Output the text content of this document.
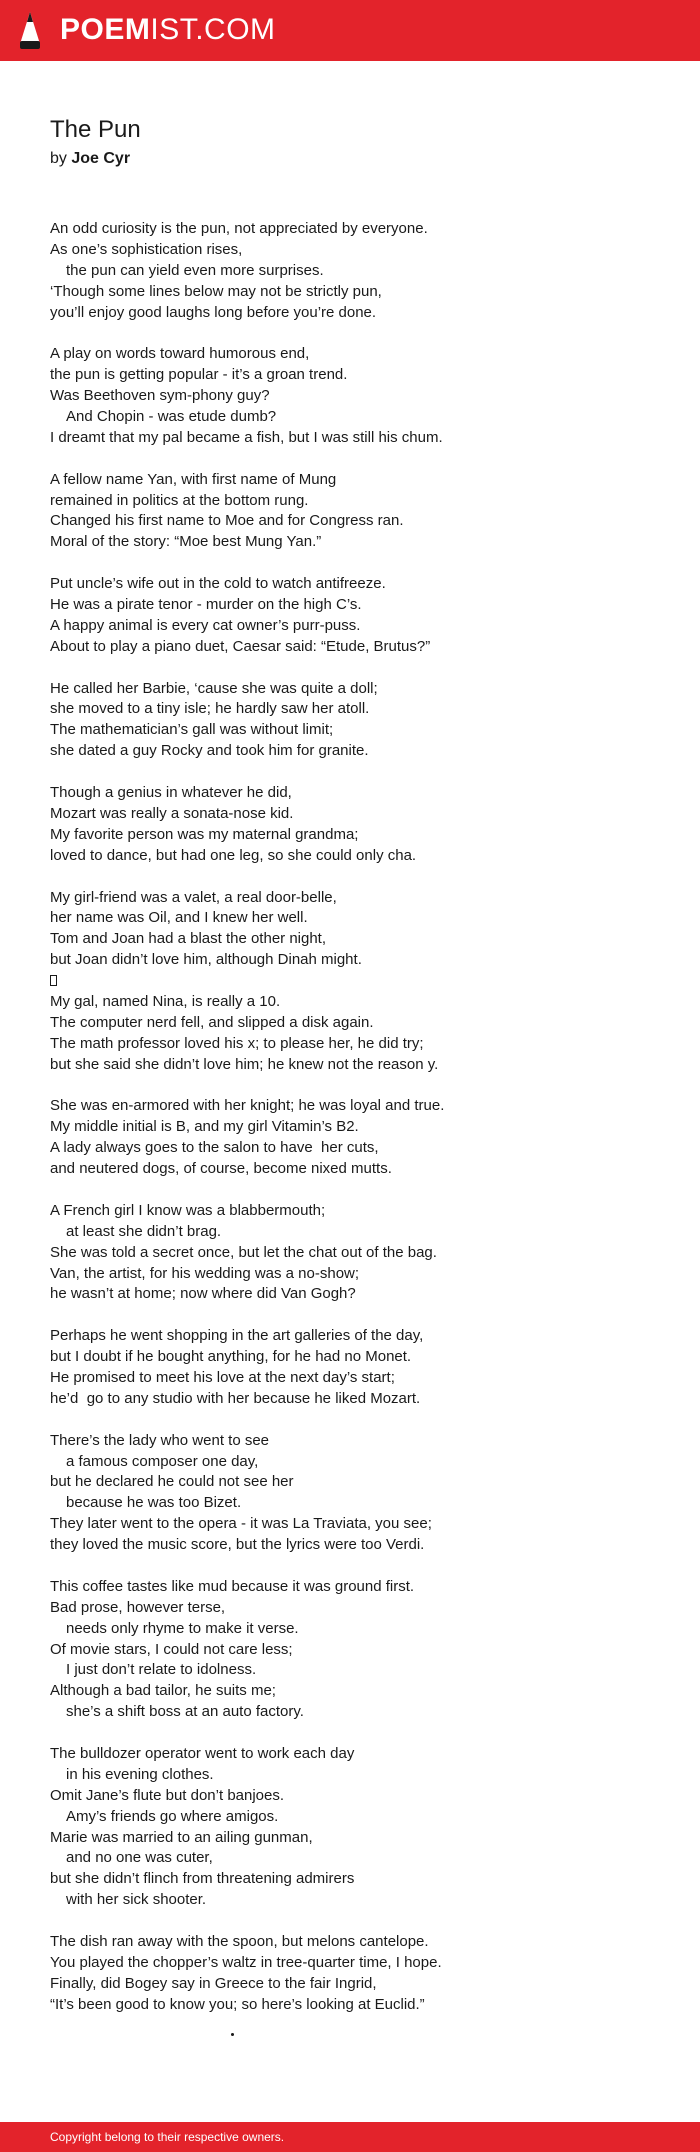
POEMIST.COM
The Pun
by Joe Cyr
An odd curiosity is the pun, not appreciated by everyone.
As one’s sophistication rises,
the pun can yield even more surprises.
‘Though some lines below may not be strictly pun,
you’ll enjoy good laughs long before you’re done.
A play on words toward humorous end,
the pun is getting popular - it’s a groan trend.
Was Beethoven sym-phony guy?
And Chopin - was etude dumb?
I dreamt that my pal became a fish, but I was still his chum.
A fellow name Yan, with first name of Mung
remained in politics at the bottom rung.
Changed his first name to Moe and for Congress ran.
Moral of the story: “Moe best Mung Yan.”
Put uncle’s wife out in the cold to watch antifreeze.
He was a pirate tenor - murder on the high C’s.
A happy animal is every cat owner’s purr-puss.
About to play a piano duet, Caesar said: “Etude, Brutus?”
He called her Barbie, ‘cause she was quite a doll;
she moved to a tiny isle; he hardly saw her atoll.
The mathematician’s gall was without limit;
she dated a guy Rocky and took him for granite.
Though a genius in whatever he did,
Mozart was really a sonata-nose kid.
My favorite person was my maternal grandma;
loved to dance, but had one leg, so she could only cha.
My girl-friend was a valet, a real door-belle,
her name was Oil, and I knew her well.
Tom and Joan had a blast the other night,
but Joan didn’t love him, although Dinah might.
My gal, named Nina, is really a 10.
The computer nerd fell, and slipped a disk again.
The math professor loved his x; to please her, he did try;
but she said she didn’t love him; he knew not the reason y.
She was en-armored with her knight; he was loyal and true.
My middle initial is B, and my girl Vitamin’s B2.
A lady always goes to the salon to have  her cuts,
and neutered dogs, of course, become nixed mutts.
A French girl I know was a blabbermouth;
at least she didn’t brag.
She was told a secret once, but let the chat out of the bag.
Van, the artist, for his wedding was a no-show;
he wasn’t at home; now where did Van Gogh?
Perhaps he went shopping in the art galleries of the day,
but I doubt if he bought anything, for he had no Monet.
He promised to meet his love at the next day’s start;
he’d  go to any studio with her because he liked Mozart.
There’s the lady who went to see
a famous composer one day,
but he declared he could not see her
because he was too Bizet.
They later went to the opera - it was La Traviata, you see;
they loved the music score, but the lyrics were too Verdi.
This coffee tastes like mud because it was ground first.
Bad prose, however terse,
needs only rhyme to make it verse.
Of movie stars, I could not care less;
I just don’t relate to idolness.
Although a bad tailor, he suits me;
she’s a shift boss at an auto factory.
The bulldozer operator went to work each day
in his evening clothes.
Omit Jane’s flute but don’t banjoes.
Amy’s friends go where amigos.
Marie was married to an ailing gunman,
and no one was cuter,
but she didn’t flinch from threatening admirers
with her sick shooter.
The dish ran away with the spoon, but melons cantelope.
You played the chopper’s waltz in tree-quarter time, I hope.
Finally, did Bogey say in Greece to the fair Ingrid,
“It’s been good to know you; so here’s looking at Euclid.”
Copyright belong to their respective owners.
